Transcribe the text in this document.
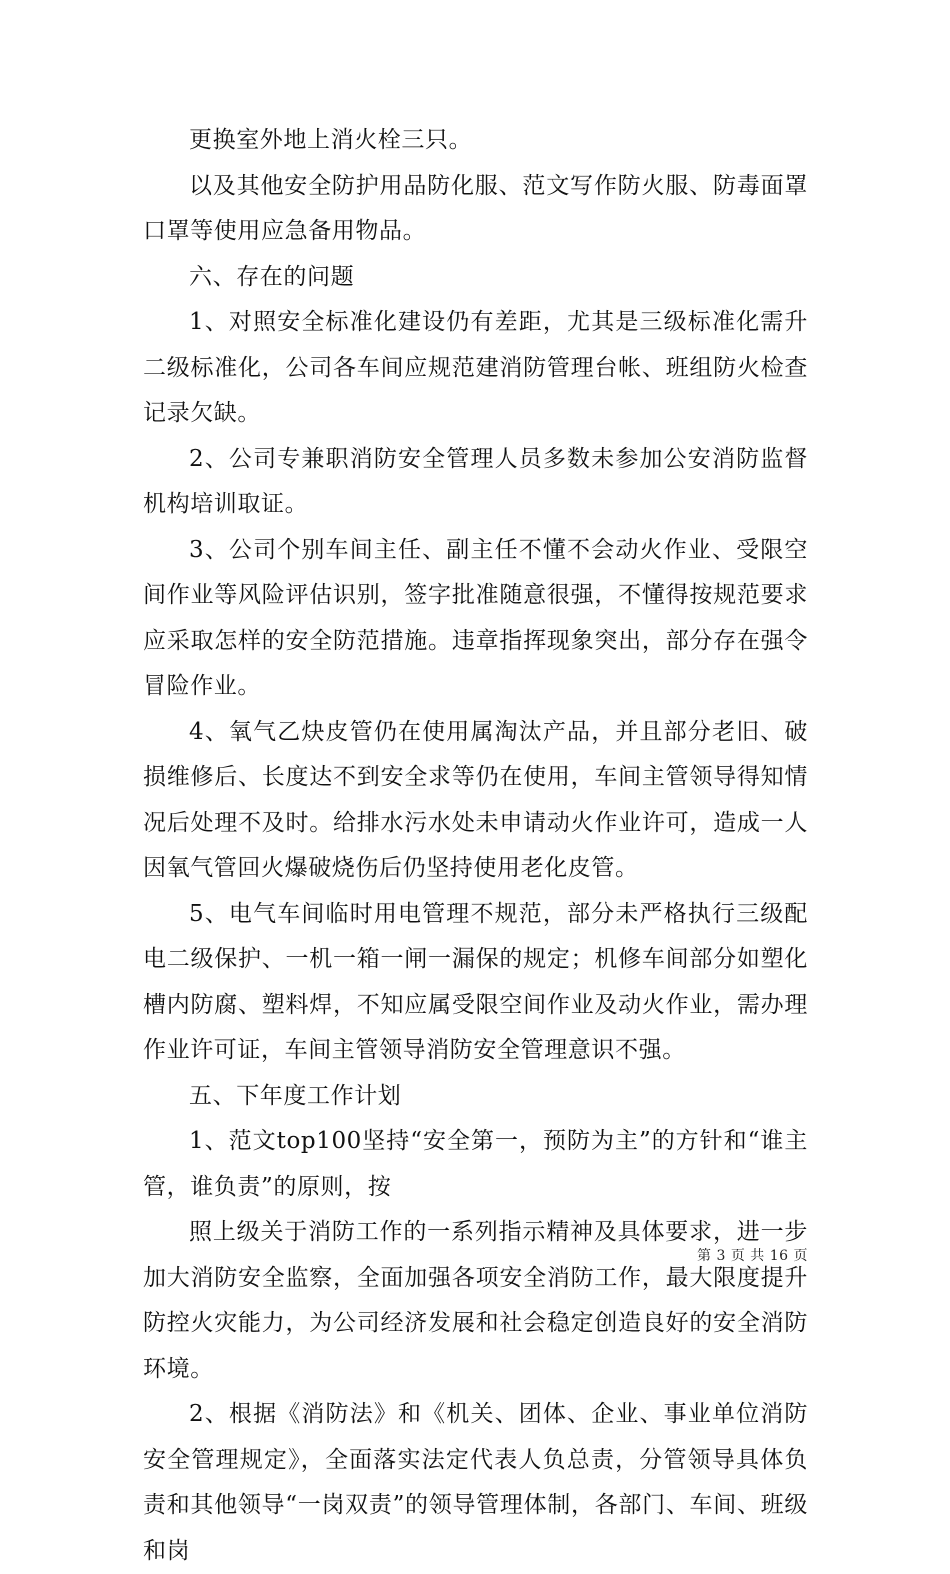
更换室外地上消火栓三只。

以及其他安全防护用品防化服、范文写作防火服、防毒面罩口罩等使用应急备用物品。

六、存在的问题

1、对照安全标准化建设仍有差距，尤其是三级标准化需升二级标准化，公司各车间应规范建消防管理台帐、班组防火检查记录欠缺。

2、公司专兼职消防安全管理人员多数未参加公安消防监督机构培训取证。

3、公司个别车间主任、副主任不懂不会动火作业、受限空间作业等风险评估识别，签字批准随意很强，不懂得按规范要求应采取怎样的安全防范措施。违章指挥现象突出，部分存在强令冒险作业。

4、氧气乙炔皮管仍在使用属淘汰产品，并且部分老旧、破损维修后、长度达不到安全求等仍在使用，车间主管领导得知情况后处理不及时。给排水污水处未申请动火作业许可，造成一人因氧气管回火爆破烧伤后仍坚持使用老化皮管。

5、电气车间临时用电管理不规范，部分未严格执行三级配电二级保护、一机一箱一闸一漏保的规定；机修车间部分如塑化槽内防腐、塑料焊，不知应属受限空间作业及动火作业，需办理作业许可证，车间主管领导消防安全管理意识不强。

五、下年度工作计划

1、范文top100坚持“安全第一，预防为主”的方针和“谁主管，谁负责”的原则，按

照上级关于消防工作的一系列指示精神及具体要求，进一步加大消防安全监察，全面加强各项安全消防工作，最大限度提升防控火灾能力，为公司经济发展和社会稳定创造良好的安全消防环境。

2、根据《消防法》和《机关、团体、企业、事业单位消防安全管理规定》，全面落实法定代表人负总责，分管领导具体负责和其他领导“一岗双责”的领导管理体制，各部门、车间、班级和岗

第 3 页 共 16 页
